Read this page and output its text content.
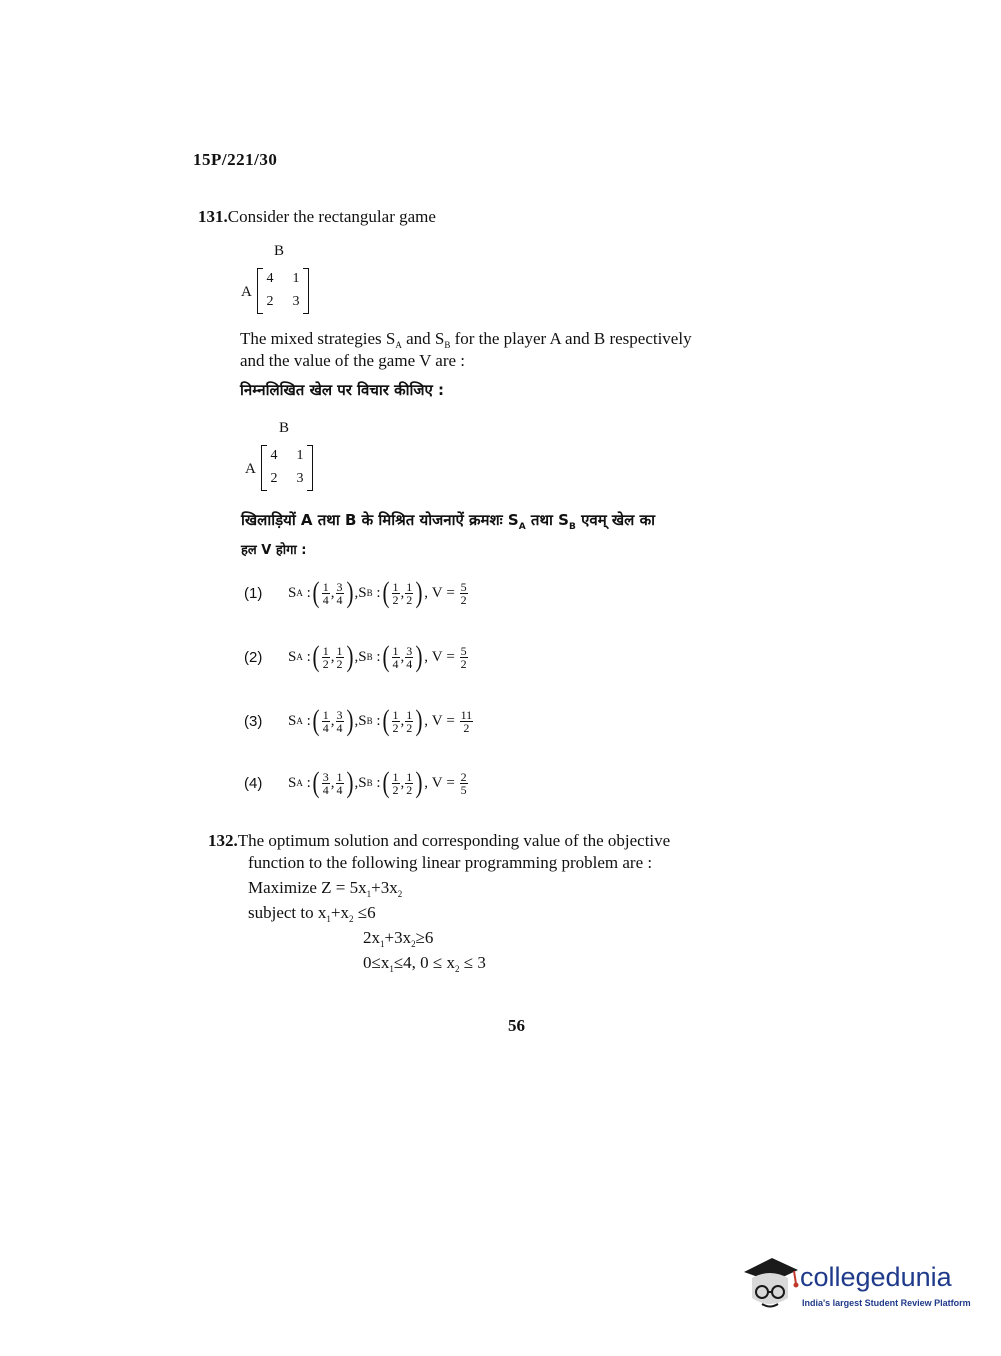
15P/221/30
131.Consider the rectangular game
B
A
4 1
2 3
The mixed strategies $S_A$ and $S_B$ for the player A and B respectively
and the value of the game V are :
निम्नलिखित खेल पर विचार कीजिए :
B
A
4 1
2 3
खिलाड़ियों A तथा B के मिश्रित योजनाऐं क्रमशः $S_A$ तथा $S_B$ एवम् खेल का
हल V होगा :
(1)	S A : ( $\frac{1}{4}$ , $\frac{3}{4}$ ) , S B : ( $\frac{1}{2}$ , $\frac{1}{2}$ ) , $V = \frac{5}{2}$
(2)	S A : ( $\frac{1}{2}$ , $\frac{1}{2}$ ) , S B : ( $\frac{1}{4}$ , $\frac{3}{4}$ ) , $V = \frac{5}{2}$
(3)	S A : ( $\frac{1}{4}$ , $\frac{3}{4}$ ) , S B : ( $\frac{1}{2}$ , $\frac{1}{2}$ ) , $V = \frac{11}{2}$
(4)	S A : ( $\frac{3}{4}$ , $\frac{1}{4}$ ) , S B : ( $\frac{1}{2}$ , $\frac{1}{2}$ ) , $V = \frac{2}{5}$
132.The optimum solution and corresponding value of the objective
function to the following linear programming problem are :
Maximize $Z = 5x_1+3x_2$
subject to $x_1+x_2 \le 6$
$2x_1+3x_2\ge 6$
$0\le x_1\le 4$, $0 \le x_2 \le 3$
56
collegedunia
India's largest Student Review Platform
